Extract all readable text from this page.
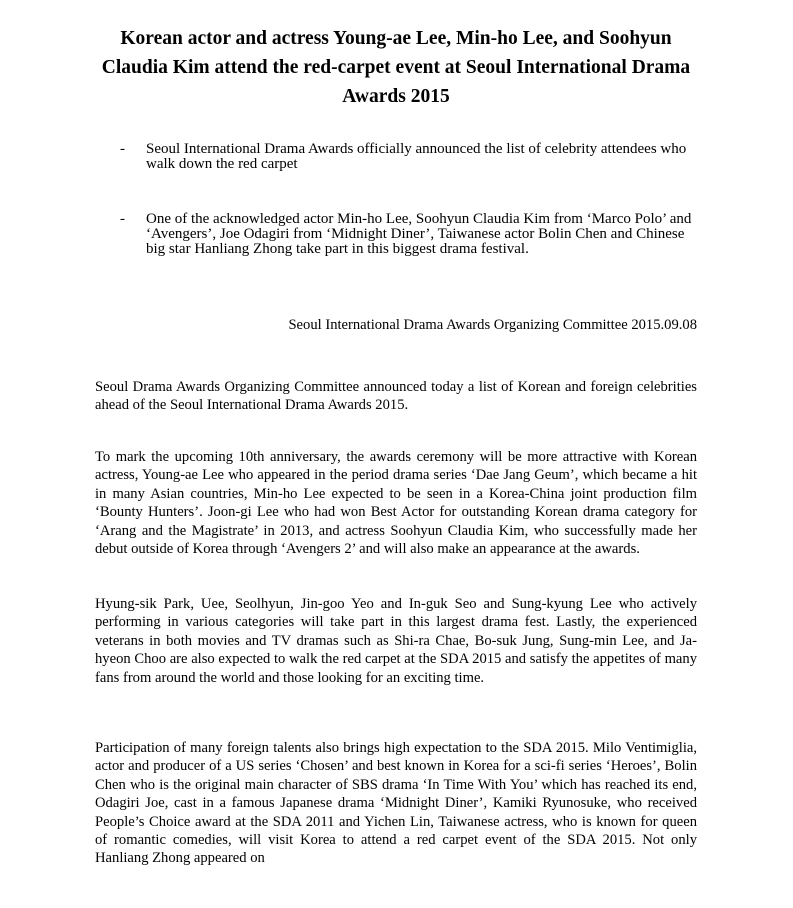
Korean actor and actress Young-ae Lee, Min-ho Lee, and Soohyun Claudia Kim attend the red-carpet event at Seoul International Drama Awards 2015
- Seoul International Drama Awards officially announced the list of celebrity attendees who walk down the red carpet
- One of the acknowledged actor Min-ho Lee, Soohyun Claudia Kim from ‘Marco Polo’ and ‘Avengers’, Joe Odagiri from ‘Midnight Diner’, Taiwanese actor Bolin Chen and Chinese big star Hanliang Zhong take part in this biggest drama festival.
Seoul International Drama Awards Organizing Committee 2015.09.08

Seoul Drama Awards Organizing Committee announced today a list of Korean and foreign celebrities ahead of the Seoul International Drama Awards 2015.

To mark the upcoming 10th anniversary, the awards ceremony will be more attractive with Korean actress, Young-ae Lee who appeared in the period drama series ‘Dae Jang Geum’, which became a hit in many Asian countries, Min-ho Lee expected to be seen in a Korea-China joint production film ‘Bounty Hunters’. Joon-gi Lee who had won Best Actor for outstanding Korean drama category for ‘Arang and the Magistrate’ in 2013, and actress Soohyun Claudia Kim, who successfully made her debut outside of Korea through ‘Avengers 2’ and will also make an appearance at the awards.

Hyung-sik Park, Uee, Seolhyun, Jin-goo Yeo and In-guk Seo and Sung-kyung Lee who actively performing in various categories will take part in this largest drama fest. Lastly, the experienced veterans in both movies and TV dramas such as Shi-ra Chae, Bo-suk Jung, Sung-min Lee, and Ja-hyeon Choo are also expected to walk the red carpet at the SDA 2015 and satisfy the appetites of many fans from around the world and those looking for an exciting time.

Participation of many foreign talents also brings high expectation to the SDA 2015. Milo Ventimiglia, actor and producer of a US series ‘Chosen’ and best known in Korea for a sci-fi series ‘Heroes’, Bolin Chen who is the original main character of SBS drama ‘In Time With You’ which has reached its end, Odagiri Joe, cast in a famous Japanese drama ‘Midnight Diner’, Kamiki Ryunosuke, who received People’s Choice award at the SDA 2011 and Yichen Lin, Taiwanese actress, who is known for queen of romantic comedies, will visit Korea to attend a red carpet event of the SDA 2015. Not only Hanliang Zhong appeared on
